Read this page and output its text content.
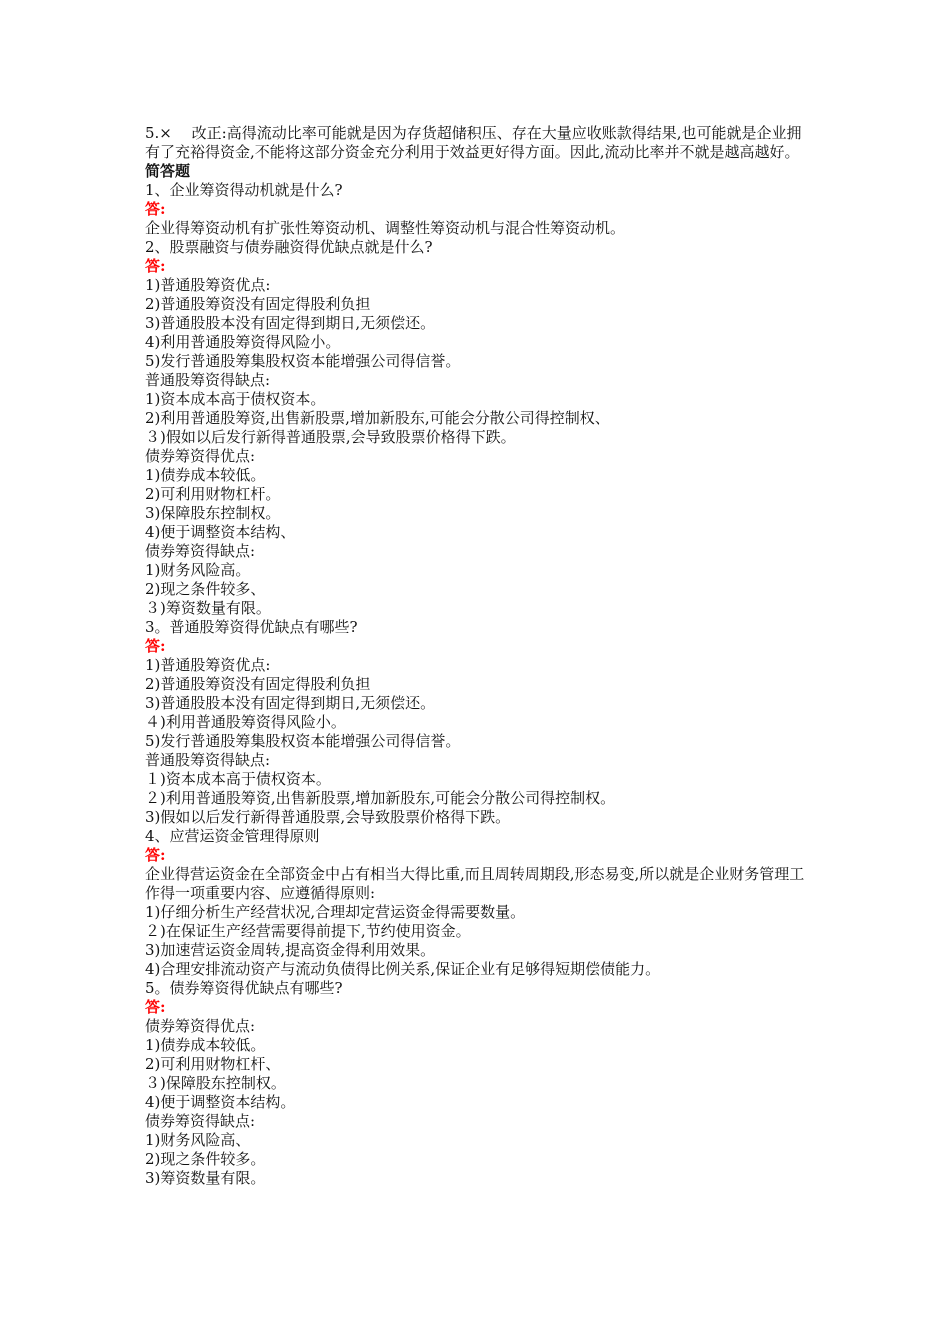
5.×　 改正:高得流动比率可能就是因为存货超储积压、存在大量应收账款得结果,也可能就是企业拥有了充裕得资金,不能将这部分资金充分利用于效益更好得方面。因此,流动比率并不就是越高越好。
简答题
1、企业筹资得动机就是什么?
答:
企业得筹资动机有扩张性筹资动机、调整性筹资动机与混合性筹资动机。
2、股票融资与债券融资得优缺点就是什么?
答:
1)普通股筹资优点:
2)普通股筹资没有固定得股利负担
3)普通股股本没有固定得到期日,无须偿还。
4)利用普通股筹资得风险小。
5)发行普通股筹集股权资本能增强公司得信誉。
普通股筹资得缺点:
1)资本成本高于债权资本。
2)利用普通股筹资,出售新股票,增加新股东,可能会分散公司得控制权、
３)假如以后发行新得普通股票,会导致股票价格得下跌。
债券筹资得优点:
1)债券成本较低。
2)可利用财物杠杆。
3)保障股东控制权。
4)便于调整资本结构、
债券筹资得缺点:
1)财务风险高。
2)现之条件较多、
３)筹资数量有限。
3。普通股筹资得优缺点有哪些?
答:
1)普通股筹资优点:
2)普通股筹资没有固定得股利负担
3)普通股股本没有固定得到期日,无须偿还。
４)利用普通股筹资得风险小。
5)发行普通股筹集股权资本能增强公司得信誉。
普通股筹资得缺点:
１)资本成本高于债权资本。
２)利用普通股筹资,出售新股票,增加新股东,可能会分散公司得控制权。
3)假如以后发行新得普通股票,会导致股票价格得下跌。
4、应营运资金管理得原则
答:
企业得营运资金在全部资金中占有相当大得比重,而且周转周期段,形态易变,所以就是企业财务管理工作得一项重要内容、应遵循得原则:
1)仔细分析生产经营状况,合理却定营运资金得需要数量。
２)在保证生产经营需要得前提下,节约使用资金。
3)加速营运资金周转,提高资金得利用效果。
4)合理安排流动资产与流动负债得比例关系,保证企业有足够得短期偿债能力。
5。债券筹资得优缺点有哪些?
答:
债券筹资得优点:
1)债券成本较低。
2)可利用财物杠杆、
３)保障股东控制权。
4)便于调整资本结构。
债券筹资得缺点:
1)财务风险高、
2)现之条件较多。
3)筹资数量有限。
